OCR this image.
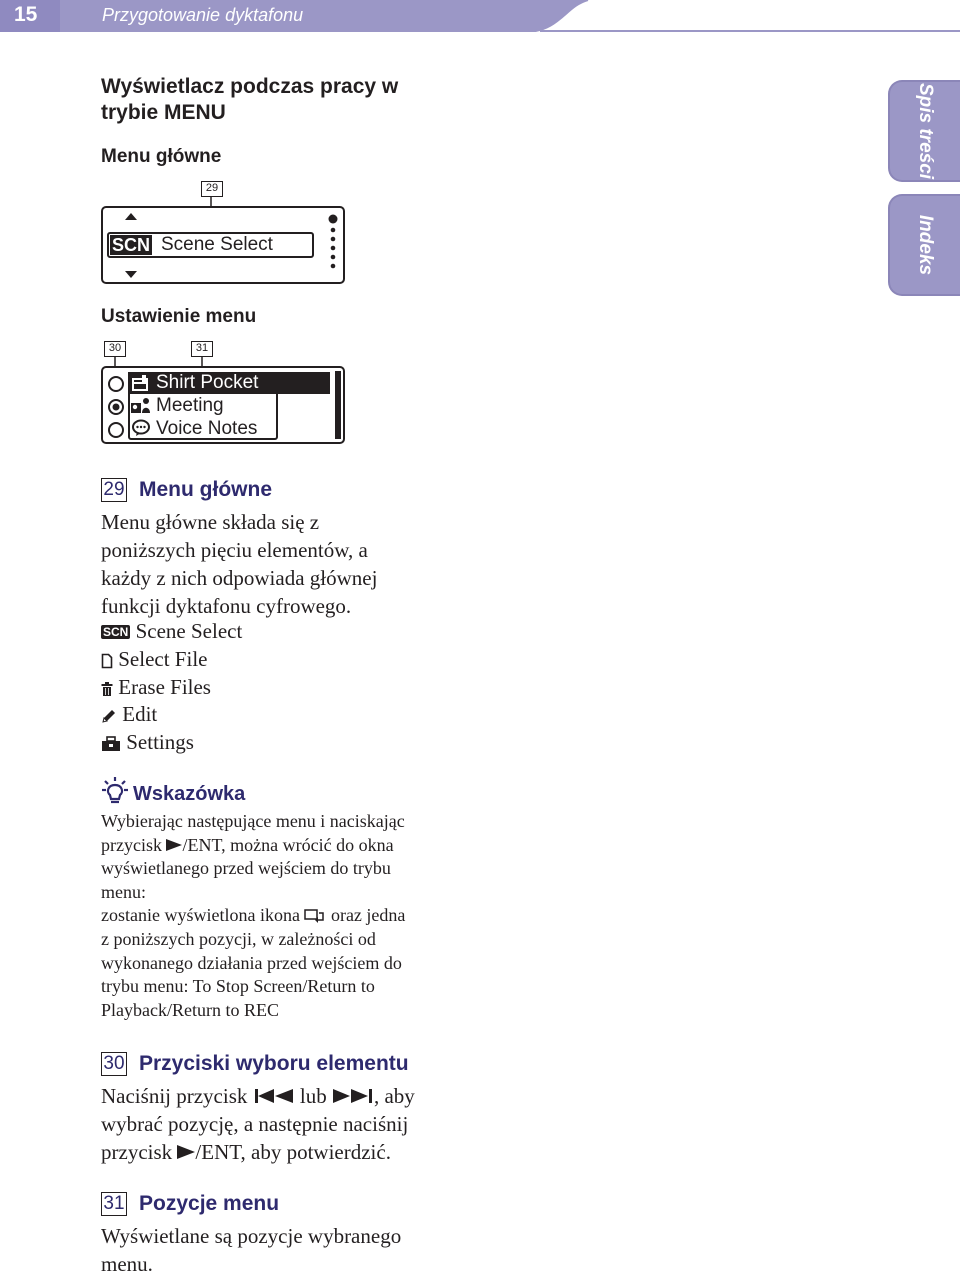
15	Przygotowanie dyktafonu
Spis treści
Indeks
Wyświetlacz podczas pracy w trybie MENU
Menu główne
29
SCN Scene Select
Ustawienie menu
30	31
Shirt Pocket
Meeting
Voice Notes
29 Menu główne
Menu główne składa się z
poniższych pięciu elementów, a
każdy z nich odpowiada głównej
funkcji dyktafonu cyfrowego.
SCN Scene Select
Select File
Erase Files
Edit
Settings
Wskazówka
Wybierając następujące menu i naciskając
przycisk /ENT, można wrócić do okna
wyświetlanego przed wejściem do trybu
menu:
zostanie wyświetlona ikona oraz jedna
z poniższych pozycji, w zależności od
wykonanego działania przed wejściem do
trybu menu: To Stop Screen/Return to
Playback/Return to REC
30 Przyciski wyboru elementu
Naciśnij przycisk	lub , aby
wybrać pozycję, a następnie naciśnij
przycisk /ENT, aby potwierdzić.
31 Pozycje menu
Wyświetlane są pozycje wybranego
menu.
